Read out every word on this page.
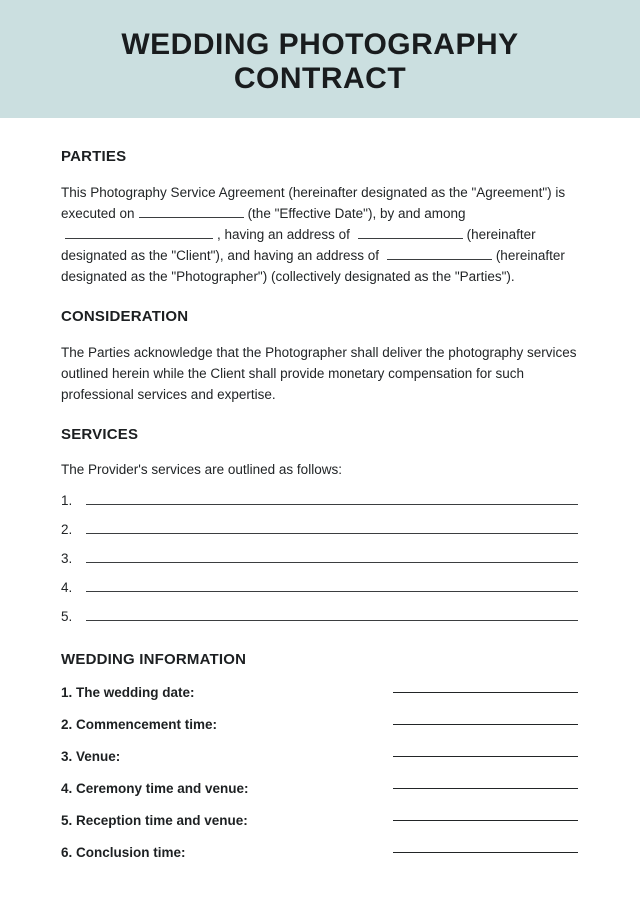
WEDDING PHOTOGRAPHY
CONTRACT
PARTIES

This Photography Service Agreement (hereinafter designated as the "Agreement") is executed on	(the "Effective Date"), by and among , having an address of	(hereinafter designated as the "Client"), and having an address of	(hereinafter designated as the "Photographer") (collectively designated as the "Parties").

CONSIDERATION

The Parties acknowledge that the Photographer shall deliver the photography services outlined herein while the Client shall provide monetary compensation for such professional services and expertise.

SERVICES

The Provider's services are outlined as follows:

1.
2.
3.
4.
5.
WEDDING INFORMATION
1. The wedding date:
2. Commencement time:
3. Venue:
4. Ceremony time and venue:
5. Reception time and venue:
6. Conclusion time:
